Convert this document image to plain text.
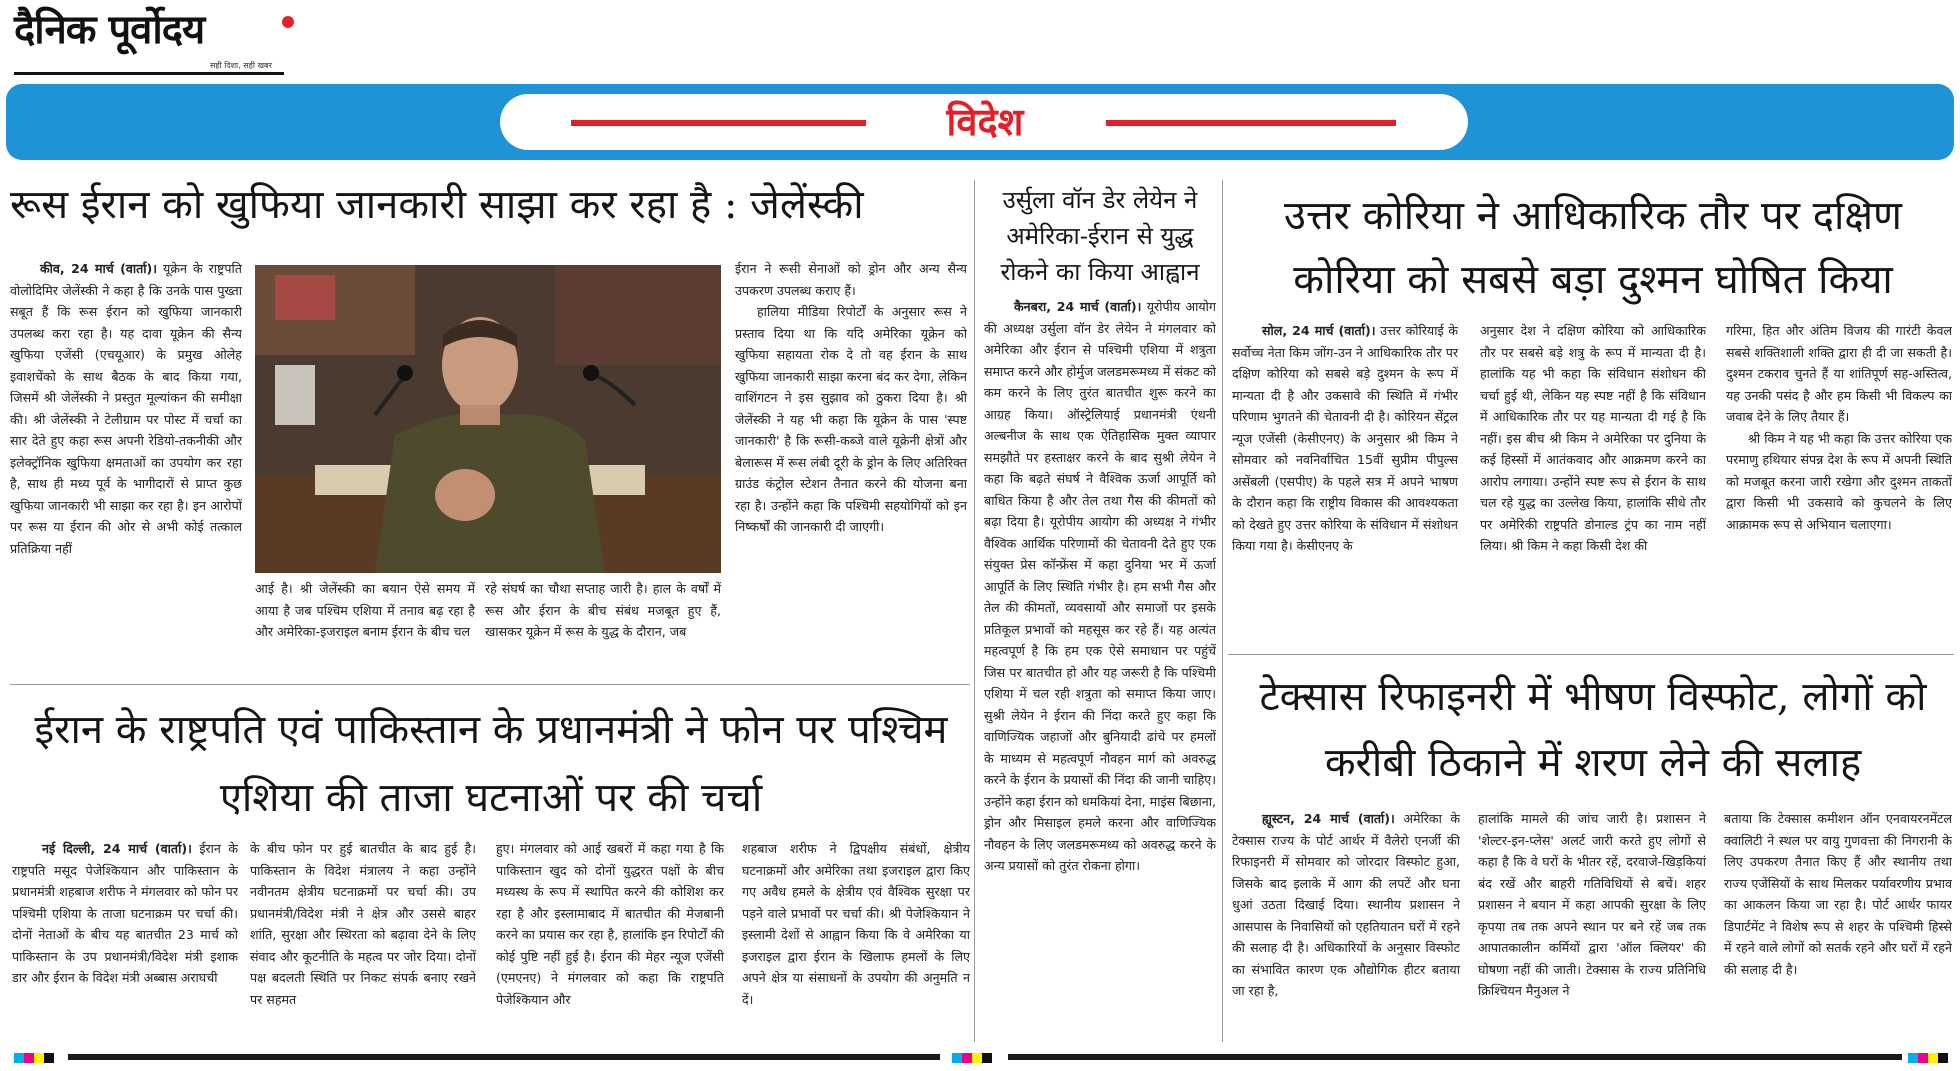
दैनिक पूर्वोदय
सही दिशा, सही खबर
विदेश
रूस ईरान को खुफिया जानकारी साझा कर रहा है : जेलेंस्की
कीव, 24 मार्च (वार्ता)। यूक्रेन के राष्ट्रपति वोलोदिमिर जेलेंस्की ने कहा है कि उनके पास पुख्ता सबूत हैं कि रूस ईरान को खुफिया जानकारी उपलब्ध करा रहा है। यह दावा यूक्रेन की सैन्य खुफिया एजेंसी (एचयूआर) के प्रमुख ओलेह इवाशचेंको के साथ बैठक के बाद किया गया, जिसमें श्री जेलेंस्की ने प्रस्तुत मूल्यांकन की समीक्षा की। श्री जेलेंस्की ने टेलीग्राम पर पोस्ट में चर्चा का सार देते हुए कहा रूस अपनी रेडियो-तकनीकी और इलेक्ट्रॉनिक खुफिया क्षमताओं का उपयोग कर रहा है, साथ ही मध्य पूर्व के भागीदारों से प्राप्त कुछ खुफिया जानकारी भी साझा कर रहा है। इन आरोपों पर रूस या ईरान की ओर से अभी कोई तत्काल प्रतिक्रिया नहीं
आई है। श्री जेलेंस्की का बयान ऐसे समय में आया है जब पश्चिम एशिया में तनाव बढ़ रहा है और अमेरिका-इजराइल बनाम ईरान के बीच चल
रहे संघर्ष का चौथा सप्ताह जारी है। हाल के वर्षों में रूस और ईरान के बीच संबंध मजबूत हुए हैं, खासकर यूक्रेन में रूस के युद्ध के दौरान, जब
ईरान ने रूसी सेनाओं को ड्रोन और अन्य सैन्य उपकरण उपलब्ध कराए हैं।
हालिया मीडिया रिपोर्टों के अनुसार रूस ने प्रस्ताव दिया था कि यदि अमेरिका यूक्रेन को खुफिया सहायता रोक दे तो वह ईरान के साथ खुफिया जानकारी साझा करना बंद कर देगा, लेकिन वाशिंगटन ने इस सुझाव को ठुकरा दिया है। श्री जेलेंस्की ने यह भी कहा कि यूक्रेन के पास 'स्पष्ट जानकारी' है कि रूसी-कब्जे वाले यूक्रेनी क्षेत्रों और बेलारूस में रूस लंबी दूरी के ड्रोन के लिए अतिरिक्त ग्राउंड कंट्रोल स्टेशन तैनात करने की योजना बना रहा है। उन्होंने कहा कि पश्चिमी सहयोगियों को इन निष्कर्षों की जानकारी दी जाएगी।
उर्सुला वॉन डेर लेयेन ने अमेरिका-ईरान से युद्ध रोकने का किया आह्वान
कैनबरा, 24 मार्च (वार्ता)। यूरोपीय आयोग की अध्यक्ष उर्सुला वॉन डेर लेयेन ने मंगलवार को अमेरिका और ईरान से पश्चिमी एशिया में शत्रुता समाप्त करने और होर्मुज जलडमरूमध्य में संकट को कम करने के लिए तुरंत बातचीत शुरू करने का आग्रह किया। ऑस्ट्रेलियाई प्रधानमंत्री एंथनी अल्बनीज के साथ एक ऐतिहासिक मुक्त व्यापार समझौते पर हस्ताक्षर करने के बाद सुश्री लेयेन ने कहा कि बढ़ते संघर्ष ने वैश्विक ऊर्जा आपूर्ति को बाधित किया है और तेल तथा गैस की कीमतों को बढ़ा दिया है। यूरोपीय आयोग की अध्यक्ष ने गंभीर वैश्विक आर्थिक परिणामों की चेतावनी देते हुए एक संयुक्त प्रेस कॉन्फ्रेंस में कहा दुनिया भर में ऊर्जा आपूर्ति के लिए स्थिति गंभीर है। हम सभी गैस और तेल की कीमतों, व्यवसायों और समाजों पर इसके प्रतिकूल प्रभावों को महसूस कर रहे हैं। यह अत्यंत महत्वपूर्ण है कि हम एक ऐसे समाधान पर पहुंचें जिस पर बातचीत हो और यह जरूरी है कि पश्चिमी एशिया में चल रही शत्रुता को समाप्त किया जाए। सुश्री लेयेन ने ईरान की निंदा करते हुए कहा कि वाणिज्यिक जहाजों और बुनियादी ढांचे पर हमलों के माध्यम से महत्वपूर्ण नौवहन मार्ग को अवरुद्ध करने के ईरान के प्रयासों की निंदा की जानी चाहिए। उन्होंने कहा ईरान को धमकियां देना, माइंस बिछाना, ड्रोन और मिसाइल हमले करना और वाणिज्यिक नौवहन के लिए जलडमरूमध्य को अवरुद्ध करने के अन्य प्रयासों को तुरंत रोकना होगा।
उत्तर कोरिया ने आधिकारिक तौर पर दक्षिण कोरिया को सबसे बड़ा दुश्मन घोषित किया
सोल, 24 मार्च (वार्ता)। उत्तर कोरियाई के सर्वोच्च नेता किम जोंग-उन ने आधिकारिक तौर पर दक्षिण कोरिया को सबसे बड़े दुश्मन के रूप में मान्यता दी है और उकसावे की स्थिति में गंभीर परिणाम भुगतने की चेतावनी दी है। कोरियन सेंट्रल न्यूज एजेंसी (केसीएनए) के अनुसार श्री किम ने सोमवार को नवनिर्वाचित 15वीं सुप्रीम पीपुल्स असेंबली (एसपीए) के पहले सत्र में अपने भाषण के दौरान कहा कि राष्ट्रीय विकास की आवश्यकता को देखते हुए उत्तर कोरिया के संविधान में संशोधन किया गया है। केसीएनए के
अनुसार देश ने दक्षिण कोरिया को आधिकारिक तौर पर सबसे बड़े शत्रु के रूप में मान्यता दी है। हालांकि यह भी कहा कि संविधान संशोधन की चर्चा हुई थी, लेकिन यह स्पष्ट नहीं है कि संविधान में आधिकारिक तौर पर यह मान्यता दी गई है कि नहीं। इस बीच श्री किम ने अमेरिका पर दुनिया के कई हिस्सों में आतंकवाद और आक्रमण करने का आरोप लगाया। उन्होंने स्पष्ट रूप से ईरान के साथ चल रहे युद्ध का उल्लेख किया, हालांकि सीधे तौर पर अमेरिकी राष्ट्रपति डोनाल्ड ट्रंप का नाम नहीं लिया। श्री किम ने कहा किसी देश की
गरिमा, हित और अंतिम विजय की गारंटी केवल सबसे शक्तिशाली शक्ति द्वारा ही दी जा सकती है। दुश्मन टकराव चुनते हैं या शांतिपूर्ण सह-अस्तित्व, यह उनकी पसंद है और हम किसी भी विकल्प का जवाब देने के लिए तैयार हैं।
श्री किम ने यह भी कहा कि उत्तर कोरिया एक परमाणु हथियार संपन्न देश के रूप में अपनी स्थिति को मजबूत करना जारी रखेगा और दुश्मन ताकतों द्वारा किसी भी उकसावे को कुचलने के लिए आक्रामक रूप से अभियान चलाएगा।
ईरान के राष्ट्रपति एवं पाकिस्तान के प्रधानमंत्री ने फोन पर पश्चिम एशिया की ताजा घटनाओं पर की चर्चा
नई दिल्ली, 24 मार्च (वार्ता)। ईरान के राष्ट्रपति मसूद पेजेश्कियान और पाकिस्तान के प्रधानमंत्री शहबाज शरीफ ने मंगलवार को फोन पर पश्चिमी एशिया के ताजा घटनाक्रम पर चर्चा की। दोनों नेताओं के बीच यह बातचीत 23 मार्च को पाकिस्तान के उप प्रधानमंत्री/विदेश मंत्री इशाक डार और ईरान के विदेश मंत्री अब्बास अराघची
के बीच फोन पर हुई बातचीत के बाद हुई है। पाकिस्तान के विदेश मंत्रालय ने कहा उन्होंने नवीनतम क्षेत्रीय घटनाक्रमों पर चर्चा की। उप प्रधानमंत्री/विदेश मंत्री ने क्षेत्र और उससे बाहर शांति, सुरक्षा और स्थिरता को बढ़ावा देने के लिए संवाद और कूटनीति के महत्व पर जोर दिया। दोनों पक्ष बदलती स्थिति पर निकट संपर्क बनाए रखने पर सहमत
हुए। मंगलवार को आई खबरों में कहा गया है कि पाकिस्तान खुद को दोनों युद्धरत पक्षों के बीच मध्यस्थ के रूप में स्थापित करने की कोशिश कर रहा है और इस्लामाबाद में बातचीत की मेजबानी करने का प्रयास कर रहा है, हालांकि इन रिपोर्टों की कोई पुष्टि नहीं हुई है। ईरान की मेहर न्यूज एजेंसी (एमएनए) ने मंगलवार को कहा कि राष्ट्रपति पेजेश्कियान और
शहबाज शरीफ ने द्विपक्षीय संबंधों, क्षेत्रीय घटनाक्रमों और अमेरिका तथा इजराइल द्वारा किए गए अवैध हमले के क्षेत्रीय एवं वैश्विक सुरक्षा पर पड़ने वाले प्रभावों पर चर्चा की। श्री पेजेश्कियान ने इस्लामी देशों से आह्वान किया कि वे अमेरिका या इजराइल द्वारा ईरान के खिलाफ हमलों के लिए अपने क्षेत्र या संसाधनों के उपयोग की अनुमति न दें।
टेक्सास रिफाइनरी में भीषण विस्फोट, लोगों को करीबी ठिकाने में शरण लेने की सलाह
ह्यूस्टन, 24 मार्च (वार्ता)। अमेरिका के टेक्सास राज्य के पोर्ट आर्थर में वैलेरो एनर्जी की रिफाइनरी में सोमवार को जोरदार विस्फोट हुआ, जिसके बाद इलाके में आग की लपटें और घना धुआं उठता दिखाई दिया। स्थानीय प्रशासन ने आसपास के निवासियों को एहतियातन घरों में रहने की सलाह दी है। अधिकारियों के अनुसार विस्फोट का संभावित कारण एक औद्योगिक हीटर बताया जा रहा है,
हालांकि मामले की जांच जारी है। प्रशासन ने 'शेल्टर-इन-प्लेस' अलर्ट जारी करते हुए लोगों से कहा है कि वे घरों के भीतर रहें, दरवाजे-खिड़कियां बंद रखें और बाहरी गतिविधियों से बचें। शहर प्रशासन ने बयान में कहा आपकी सुरक्षा के लिए कृपया तब तक अपने स्थान पर बने रहें जब तक आपातकालीन कर्मियों द्वारा 'ऑल क्लियर' की घोषणा नहीं की जाती। टेक्सास के राज्य प्रतिनिधि क्रिश्चियन मैनुअल ने
बताया कि टेक्सास कमीशन ऑन एनवायरनमेंटल क्वालिटी ने स्थल पर वायु गुणवत्ता की निगरानी के लिए उपकरण तैनात किए हैं और स्थानीय तथा राज्य एजेंसियों के साथ मिलकर पर्यावरणीय प्रभाव का आकलन किया जा रहा है। पोर्ट आर्थर फायर डिपार्टमेंट ने विशेष रूप से शहर के पश्चिमी हिस्से में रहने वाले लोगों को सतर्क रहने और घरों में रहने की सलाह दी है।
